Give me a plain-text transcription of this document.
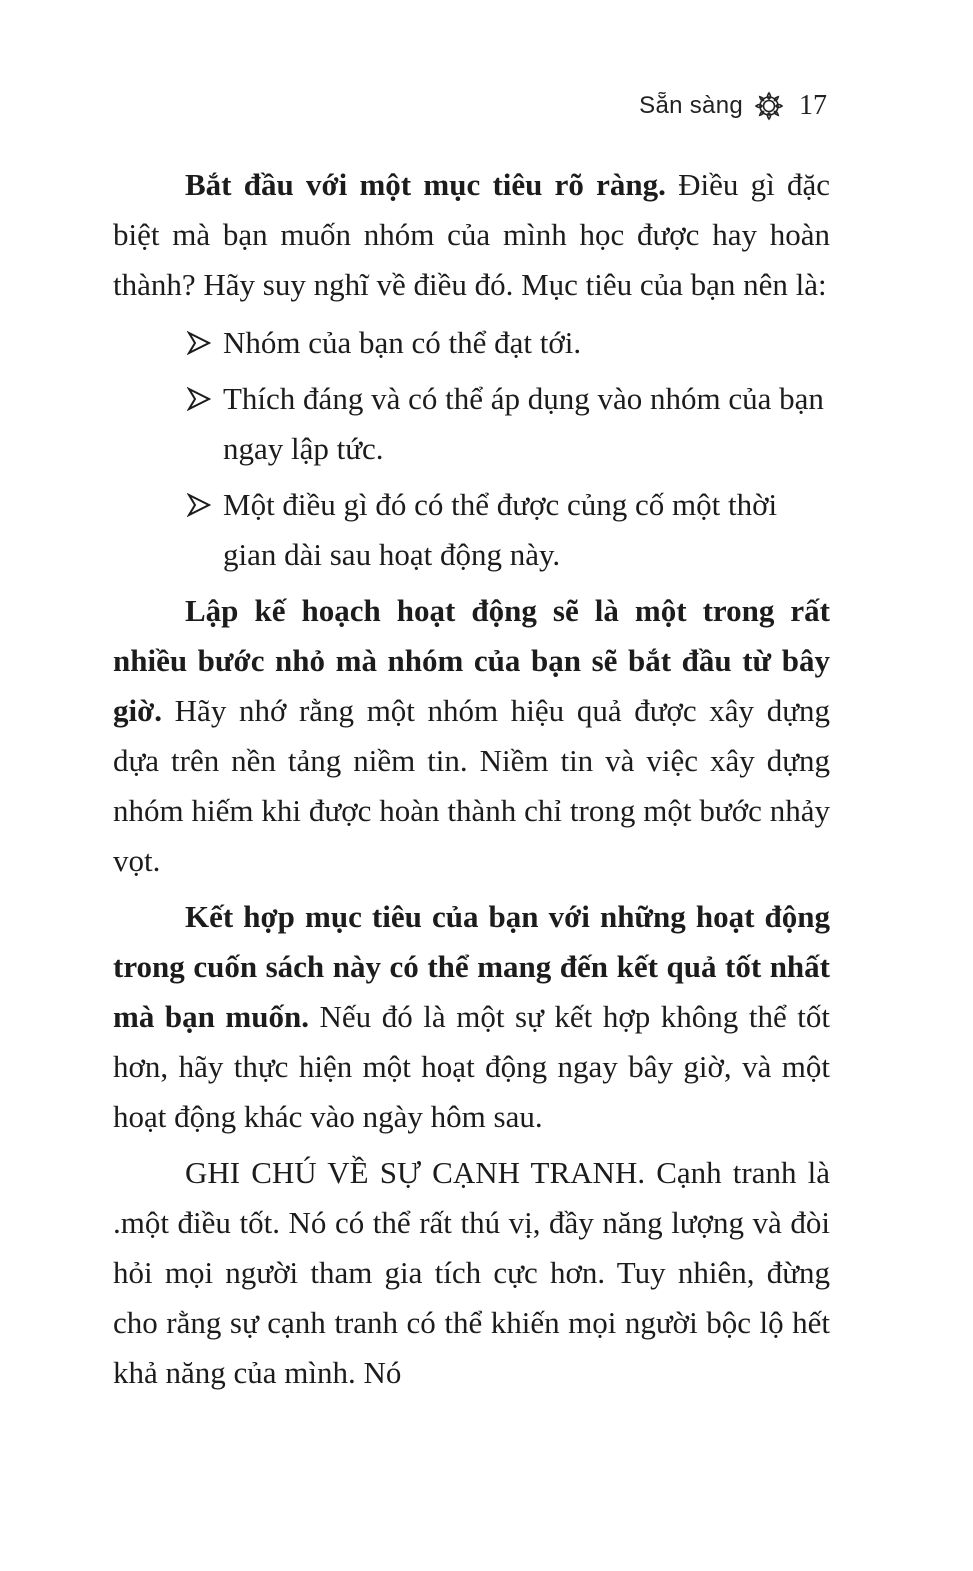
Sẵn sàng 17

Bắt đầu với một mục tiêu rõ ràng. Điều gì đặc biệt mà bạn muốn nhóm của mình học được hay hoàn thành? Hãy suy nghĩ về điều đó. Mục tiêu của bạn nên là:

Nhóm của bạn có thể đạt tới.
Thích đáng và có thể áp dụng vào nhóm của bạn ngay lập tức.
Một điều gì đó có thể được củng cố một thời gian dài sau hoạt động này.

Lập kế hoạch hoạt động sẽ là một trong rất nhiều bước nhỏ mà nhóm của bạn sẽ bắt đầu từ bây giờ. Hãy nhớ rằng một nhóm hiệu quả được xây dựng dựa trên nền tảng niềm tin. Niềm tin và việc xây dựng nhóm hiếm khi được hoàn thành chỉ trong một bước nhảy vọt.

Kết hợp mục tiêu của bạn với những hoạt động trong cuốn sách này có thể mang đến kết quả tốt nhất mà bạn muốn. Nếu đó là một sự kết hợp không thể tốt hơn, hãy thực hiện một hoạt động ngay bây giờ, và một hoạt động khác vào ngày hôm sau.

GHI CHÚ VỀ SỰ CẠNH TRANH. Cạnh tranh là .một điều tốt. Nó có thể rất thú vị, đầy năng lượng và đòi hỏi mọi người tham gia tích cực hơn. Tuy nhiên, đừng cho rằng sự cạnh tranh có thể khiến mọi người bộc lộ hết khả năng của mình. Nó
